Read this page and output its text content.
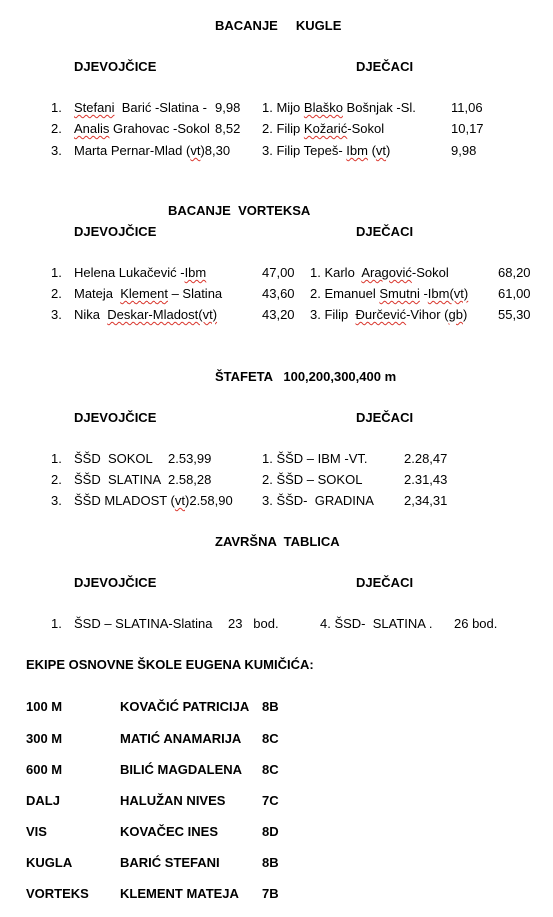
BACANJE     KUGLE
DJEVOJČICE	DJEČACI
1. Stefani  Barić -Slatina - 9,98
2. Analis Grahovac -Sokol 8,52
3. Marta Pernar-Mlad (vt)8,30
1. Mijo Blaško Bošnjak -Sl.	11,06
2. Filip Kožarić-Sokol	10,17
3. Filip Tepeš- Ibm (vt)	9,98
BACANJE  VORTEKSA
DJEVOJČICE	DJEČACI
1. Helena Lukačević -Ibm	47,00
2. Mateja  Klement – Slatina	43,60
3. Nika  Deskar-Mladost(vt)	43,20
1. Karlo  Aragović-Sokol	68,20
2. Emanuel Smutni -Ibm(vt) 61,00
3. Filip  Đurčević-Vihor (gb) 55,30
ŠTAFETA   100,200,300,400 m
DJEVOJČICE	DJEČACI
1. ŠŠD  SOKOL 2.53,99
2. ŠŠD  SLATINA 2.58,28
3. ŠŠD MLADOST (vt)2.58,90
1. ŠŠD – IBM -VT.	2.28,47
2. ŠŠD – SOKOL	2.31,43
3. ŠŠD-  GRADINA 2,34,31
ZAVRŠNA  TABLICA
DJEVOJČICE	DJEČACI
1. ŠSD – SLATINA-Slatina 23   bod.	4. ŠSD-  SLATINA . 26 bod.
EKIPE OSNOVNE ŠKOLE EUGENA KUMIČIĆA:
100 M	KOVAČIĆ PATRICIJA 8B
300 M	MATIĆ ANAMARIJA 8C
600 M	BILIĆ MAGDALENA 8C
DALJ	HALUŽAN NIVES	7C
VIS	KOVAČEC INES	8D
KUGLA	BARIĆ STEFANI	8B
VORTEKS KLEMENT MATEJA 7B
